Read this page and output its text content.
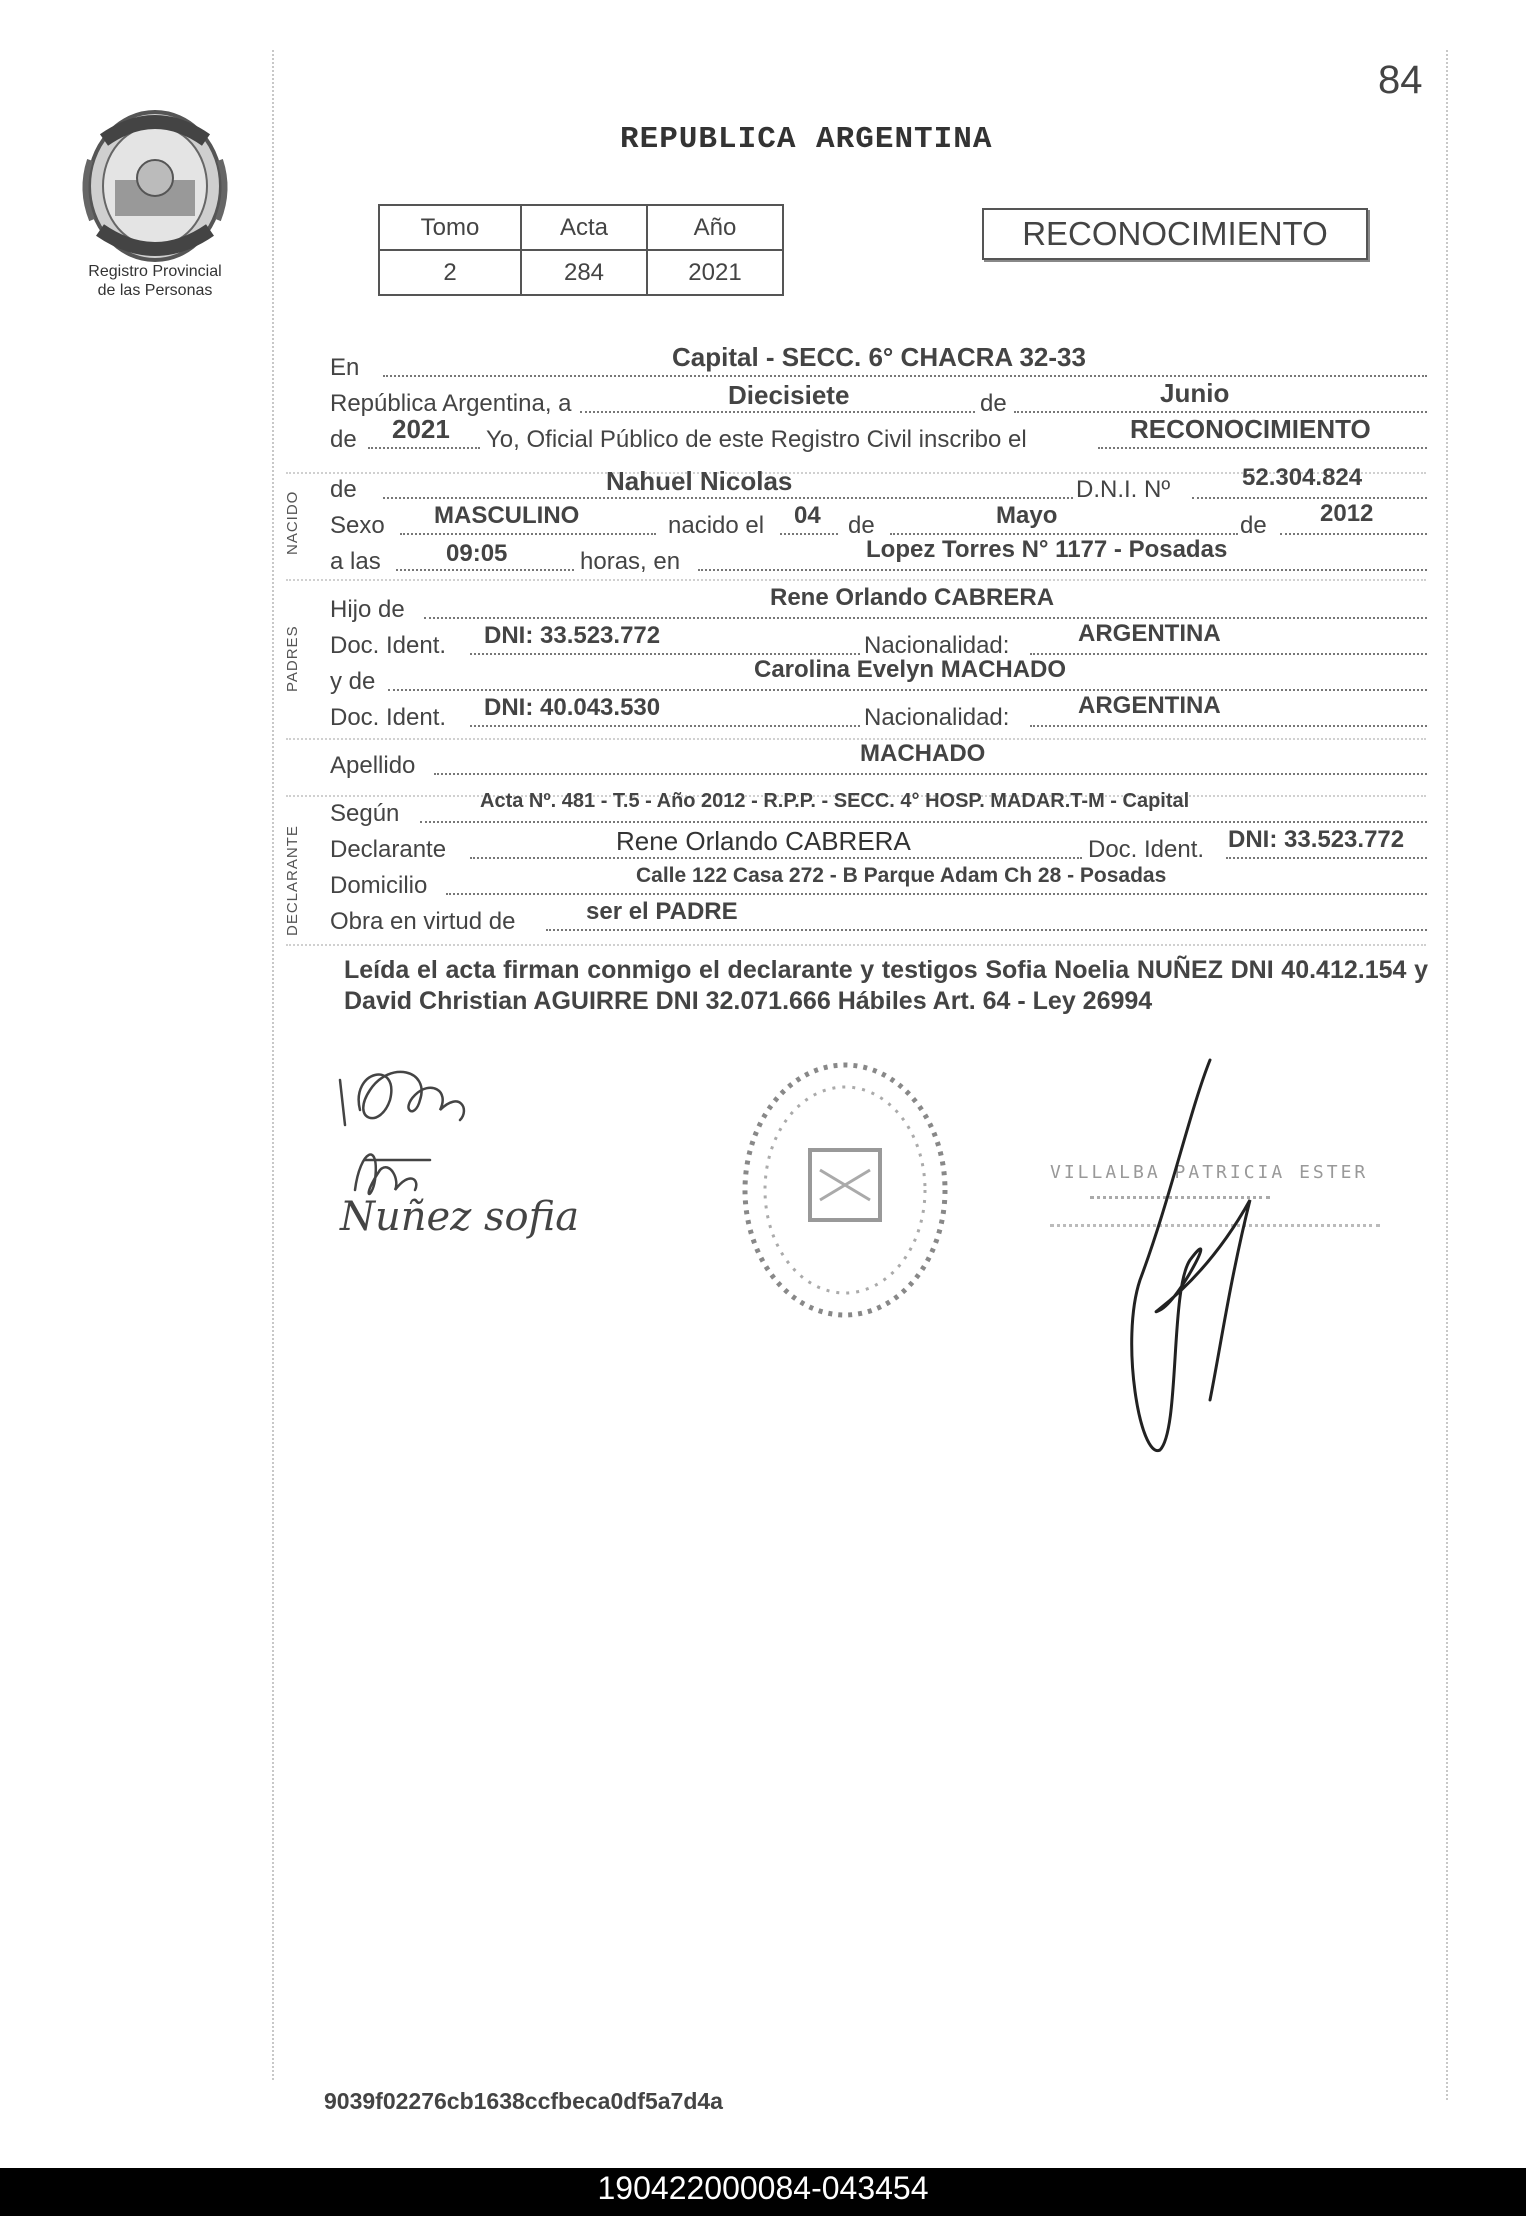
84
Registro Provincial
de las Personas
REPUBLICA ARGENTINA
Tomo	Acta	Año
2	284	2021
RECONOCIMIENTO
NACIDO
PADRES
DECLARANTE
En	Capital - SECC. 6° CHACRA 32-33
República Argentina, a	Diecisiete	de	Junio
de 2021 Yo, Oficial Público de este Registro Civil inscribo el	RECONOCIMIENTO
de	Nahuel Nicolas	D.N.I. Nº	52.304.824
Sexo MASCULINO	nacido el 04 de	Mayo	de 2012
a las	09:05	horas, en	Lopez Torres N° 1177 - Posadas
Hijo de	Rene Orlando CABRERA
Doc. Ident. DNI: 33.523.772	Nacionalidad:	ARGENTINA
y de	Carolina Evelyn MACHADO
Doc. Ident. DNI: 40.043.530	Nacionalidad:	ARGENTINA
Apellido	MACHADO
Según	Acta Nº. 481 - T.5 - Año 2012 - R.P.P. - SECC. 4° HOSP. MADAR.T-M - Capital
Declarante	Rene Orlando CABRERA	Doc. Ident. DNI: 33.523.772
Domicilio	Calle 122 Casa 272 - B Parque Adam Ch 28 - Posadas
Obra en virtud de	ser el PADRE
Leída el acta firman conmigo el declarante y testigos Sofia Noelia NUÑEZ DNI 40.412.154 y David Christian AGUIRRE DNI 32.071.666 Hábiles Art. 64 - Ley 26994
Nuñez sofia
VILLALBA PATRICIA ESTER
9039f02276cb1638ccfbeca0df5a7d4a
190422000084-043454
